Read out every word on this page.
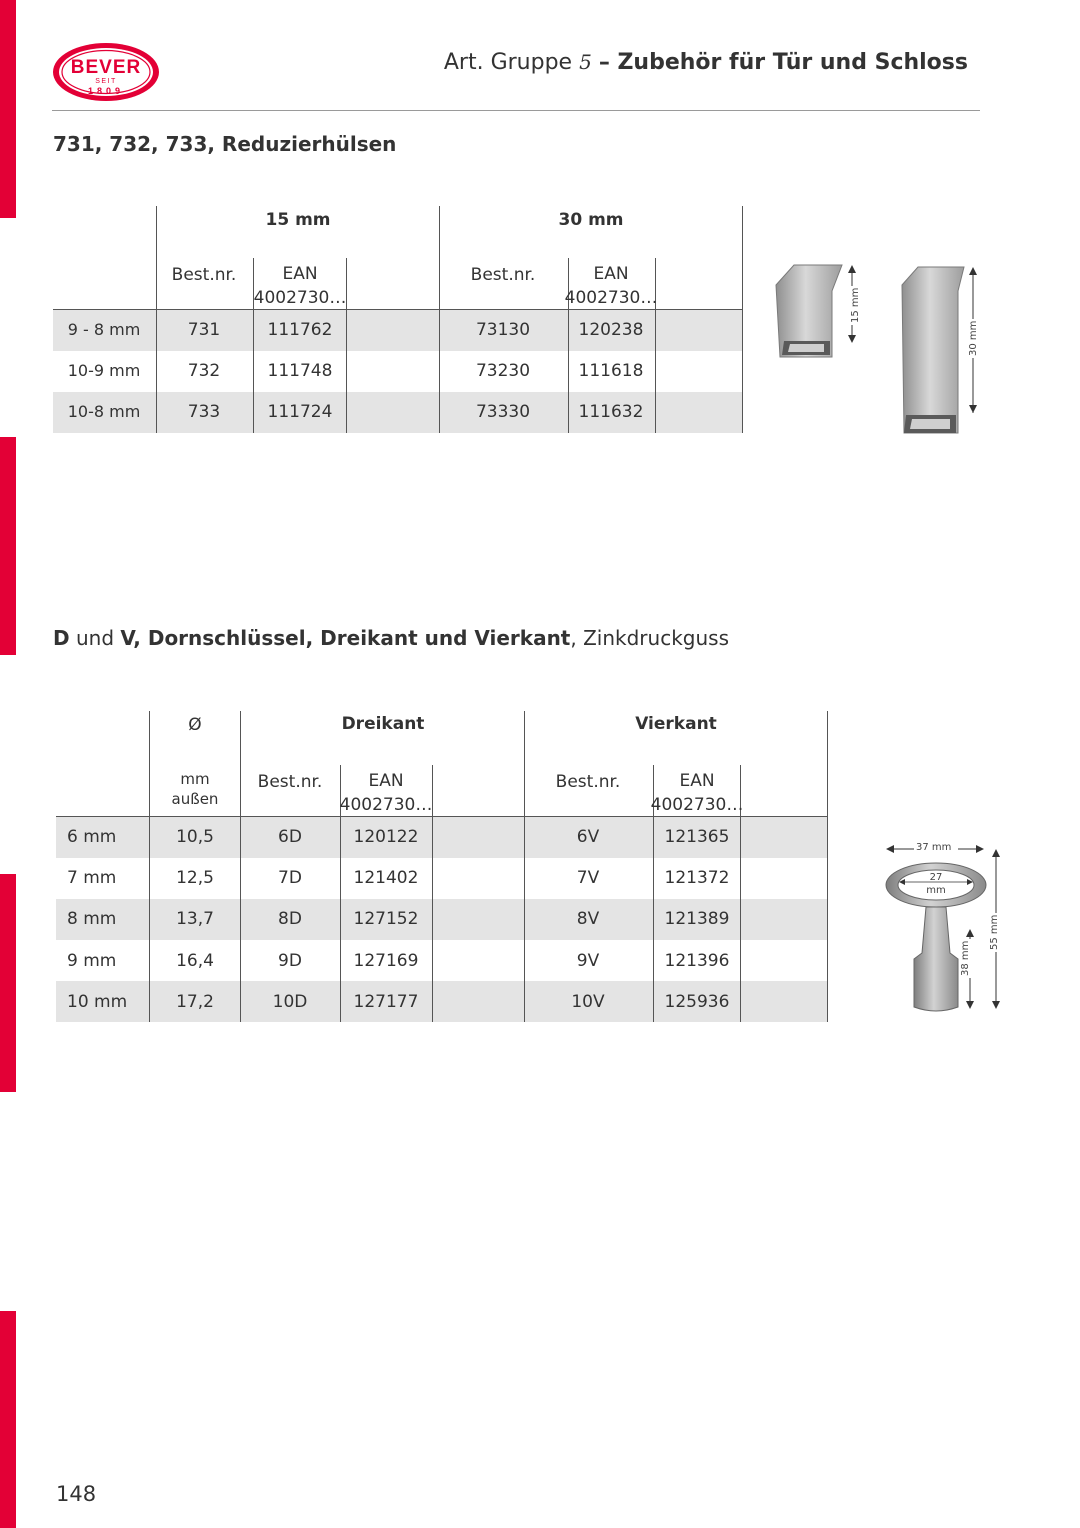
BEVER
SEIT
1809
Art. Gruppe 5 – Zubehör für Tür und Schloss
731, 732, 733, Reduzierhülsen
15 mm	30 mm
Best.nr.	EAN
4002730…
Best.nr.	EAN
4002730…
9 - 8 mm	731	111762	73130	120238
10-9 mm	732	111748	73230	111618
10-8 mm	733	111724	73330	111632
15 mm
30 mm
D und V, Dornschlüssel, Dreikant und Vierkant, Zinkdruckguss
Ø	Dreikant	Vierkant
mm
außen
Best.nr.	EAN
4002730…
Best.nr.	EAN
4002730…
6 mm	10,5	6D	120122	6V	121365
7 mm	12,5	7D	121402	7V	121372
8 mm	13,7	8D	127152	8V	121389
9 mm	16,4	9D	127169	9V	121396
10 mm	17,2	10D	127177	10V	125936
37 mm
27
mm
38 mm
55 mm
148
